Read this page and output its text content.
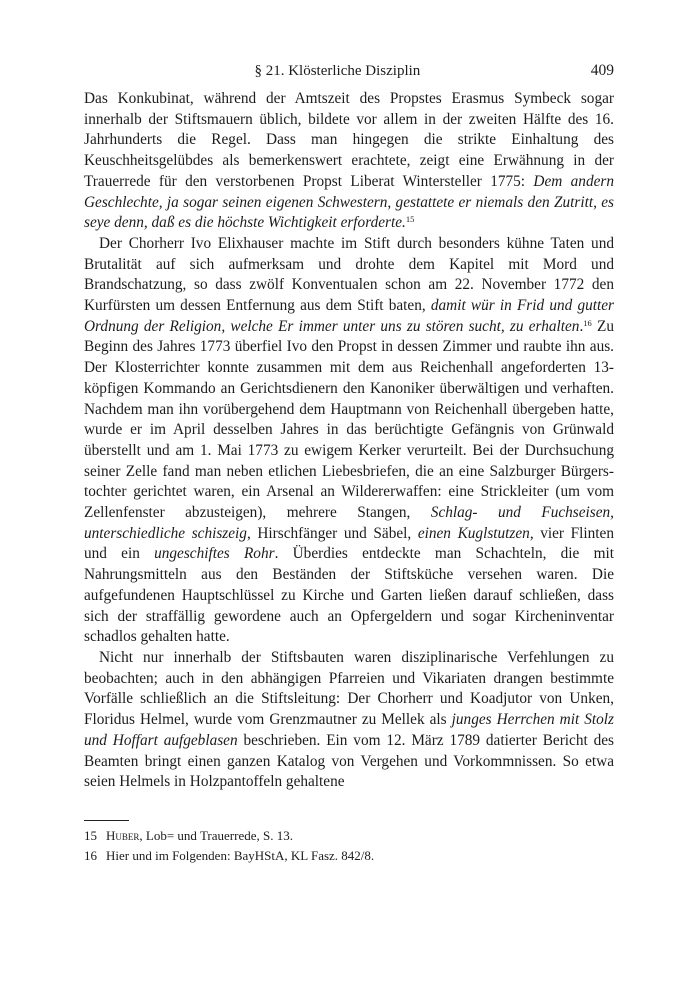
§ 21. Klösterliche Disziplin	409

Das Konkubinat, während der Amtszeit des Propstes Erasmus Symbeck sogar innerhalb der Stiftsmauern üblich, bildete vor allem in der zweiten Hälfte des 16. Jahrhunderts die Regel. Dass man hingegen die strikte Einhaltung des Keuschheitsgelübdes als bemerkenswert erachtete, zeigt eine Erwähnung in der Trauerrede für den verstorbenen Propst Liberat Wintersteller 1775: Dem andern Geschlechte, ja sogar seinen eigenen Schwestern, gestattete er niemals den Zutritt, es seye denn, daß es die höchste Wichtigkeit erforderte.$^{15}$

Der Chorherr Ivo Elixhauser machte im Stift durch besonders kühne Taten und Brutalität auf sich aufmerksam und drohte dem Kapitel mit Mord und Brandschatzung, so dass zwölf Konventualen schon am 22. November 1772 den Kurfürsten um dessen Entfernung aus dem Stift baten, damit wür in Frid und gutter Ordnung der Religion, welche Er immer unter uns zu stören sucht, zu erhalten.$^{16}$ Zu Beginn des Jahres 1773 überfiel Ivo den Propst in dessen Zimmer und raubte ihn aus. Der Klosterrichter konnte zusammen mit dem aus Reichenhall angeforderten 13-köpfigen Kommando an Gerichtsdienern den Kanoniker überwältigen und verhaften. Nachdem man ihn vorübergehend dem Hauptmann von Reichenhall übergeben hatte, wurde er im April desselben Jahres in das berüchtigte Gefängnis von Grünwald überstellt und am 1. Mai 1773 zu ewigem Kerker verurteilt. Bei der Durchsuchung seiner Zelle fand man neben etlichen Liebesbriefen, die an eine Salzburger Bürgerstochter gerichtet waren, ein Arsenal an Wildererwaffen: eine Strickleiter (um vom Zellenfenster abzusteigen), mehrere Stangen, Schlag- und Fuchseisen, unterschiedliche schiszeig, Hirschfänger und Säbel, einen Kuglstutzen, vier Flinten und ein ungeschiftes Rohr. Überdies entdeckte man Schachteln, die mit Nahrungsmitteln aus den Beständen der Stiftsküche versehen waren. Die aufgefundenen Hauptschlüssel zu Kirche und Garten ließen darauf schließen, dass sich der straffällig gewordene auch an Opfergeldern und sogar Kircheninventar schadlos gehalten hatte.

Nicht nur innerhalb der Stiftsbauten waren disziplinarische Verfehlungen zu beobachten; auch in den abhängigen Pfarreien und Vikariaten drangen bestimmte Vorfälle schließlich an die Stiftsleitung: Der Chorherr und Koadjutor von Unken, Floridus Helmel, wurde vom Grenzmautner zu Mellek als junges Herrchen mit Stolz und Hoffart aufgeblasen beschrieben. Ein vom 12. März 1789 datierter Bericht des Beamten bringt einen ganzen Katalog von Vergehen und Vorkommnissen. So etwa seien Helmels in Holzpantoffeln gehaltene

15 Huber, Lob= und Trauerrede, S. 13.
16 Hier und im Folgenden: BayHStA, KL Fasz. 842/8.
